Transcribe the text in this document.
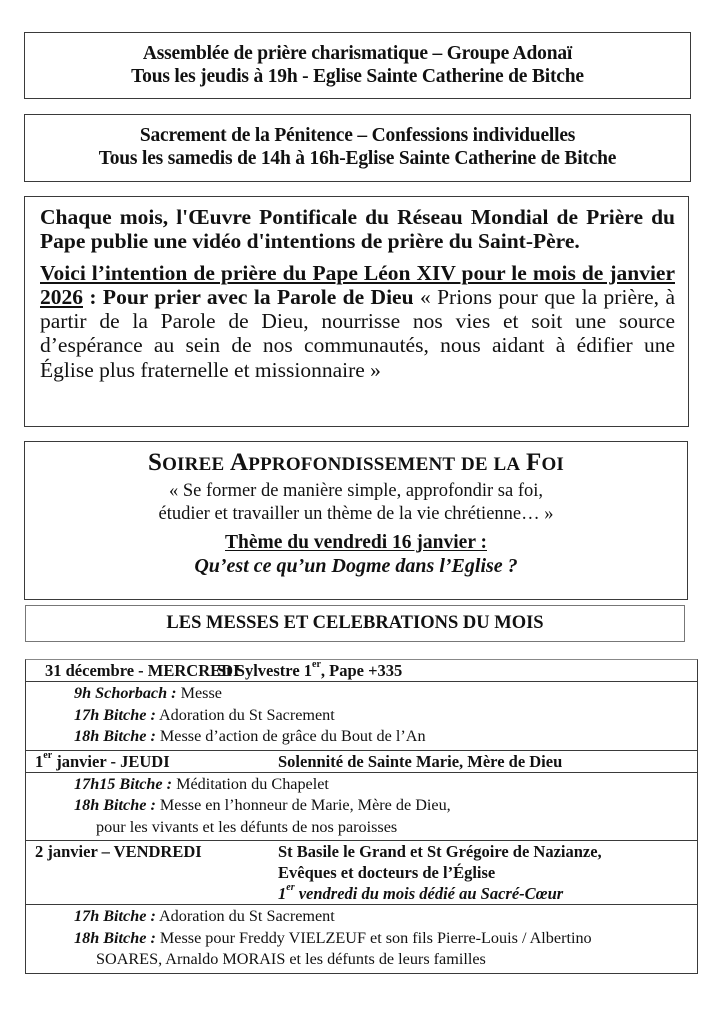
Assemblée de prière charismatique – Groupe Adonaï
Tous les jeudis à 19h - Eglise Sainte Catherine de Bitche
Sacrement de la Pénitence – Confessions individuelles
Tous les samedis de 14h à 16h-Eglise Sainte Catherine de Bitche

Chaque mois, l'Œuvre Pontificale du Réseau Mondial de Prière du Pape publie une vidéo d'intentions de prière du Saint-Père.

Voici l’intention de prière du Pape Léon XIV pour le mois de janvier 2026 : Pour prier avec la Parole de Dieu « Prions pour que la prière, à partir de la Parole de Dieu, nourrisse nos vies et soit une source d’espérance au sein de nos communautés, nous aidant à édifier une Église plus fraternelle et missionnaire »

SOIREE APPROFONDISSEMENT DE LA FOI
« Se former de manière simple, approfondir sa foi,
étudier et travailler un thème de la vie chrétienne… »
Thème du vendredi 16 janvier :
Qu’est ce qu’un Dogme dans l’Eglise ?
LES MESSES ET CELEBRATIONS DU MOIS
31 décembre - MERCREDI
St Sylvestre 1er, Pape +335
9h Schorbach : Messe
17h Bitche : Adoration du St Sacrement
18h Bitche : Messe d’action de grâce du Bout de l’An
1er janvier - JEUDI	Solennité de Sainte Marie, Mère de Dieu
17h15 Bitche : Méditation du Chapelet
18h Bitche : Messe en l’honneur de Marie, Mère de Dieu,
pour les vivants et les défunts de nos paroisses
2 janvier – VENDREDI	St Basile le Grand et St Grégoire de Nazianze,
Evêques et docteurs de l’Église
1er vendredi du mois dédié au Sacré-Cœur
17h Bitche : Adoration du St Sacrement
18h Bitche : Messe pour Freddy VIELZEUF et son fils Pierre-Louis / Albertino
SOARES, Arnaldo MORAIS et les défunts de leurs familles
